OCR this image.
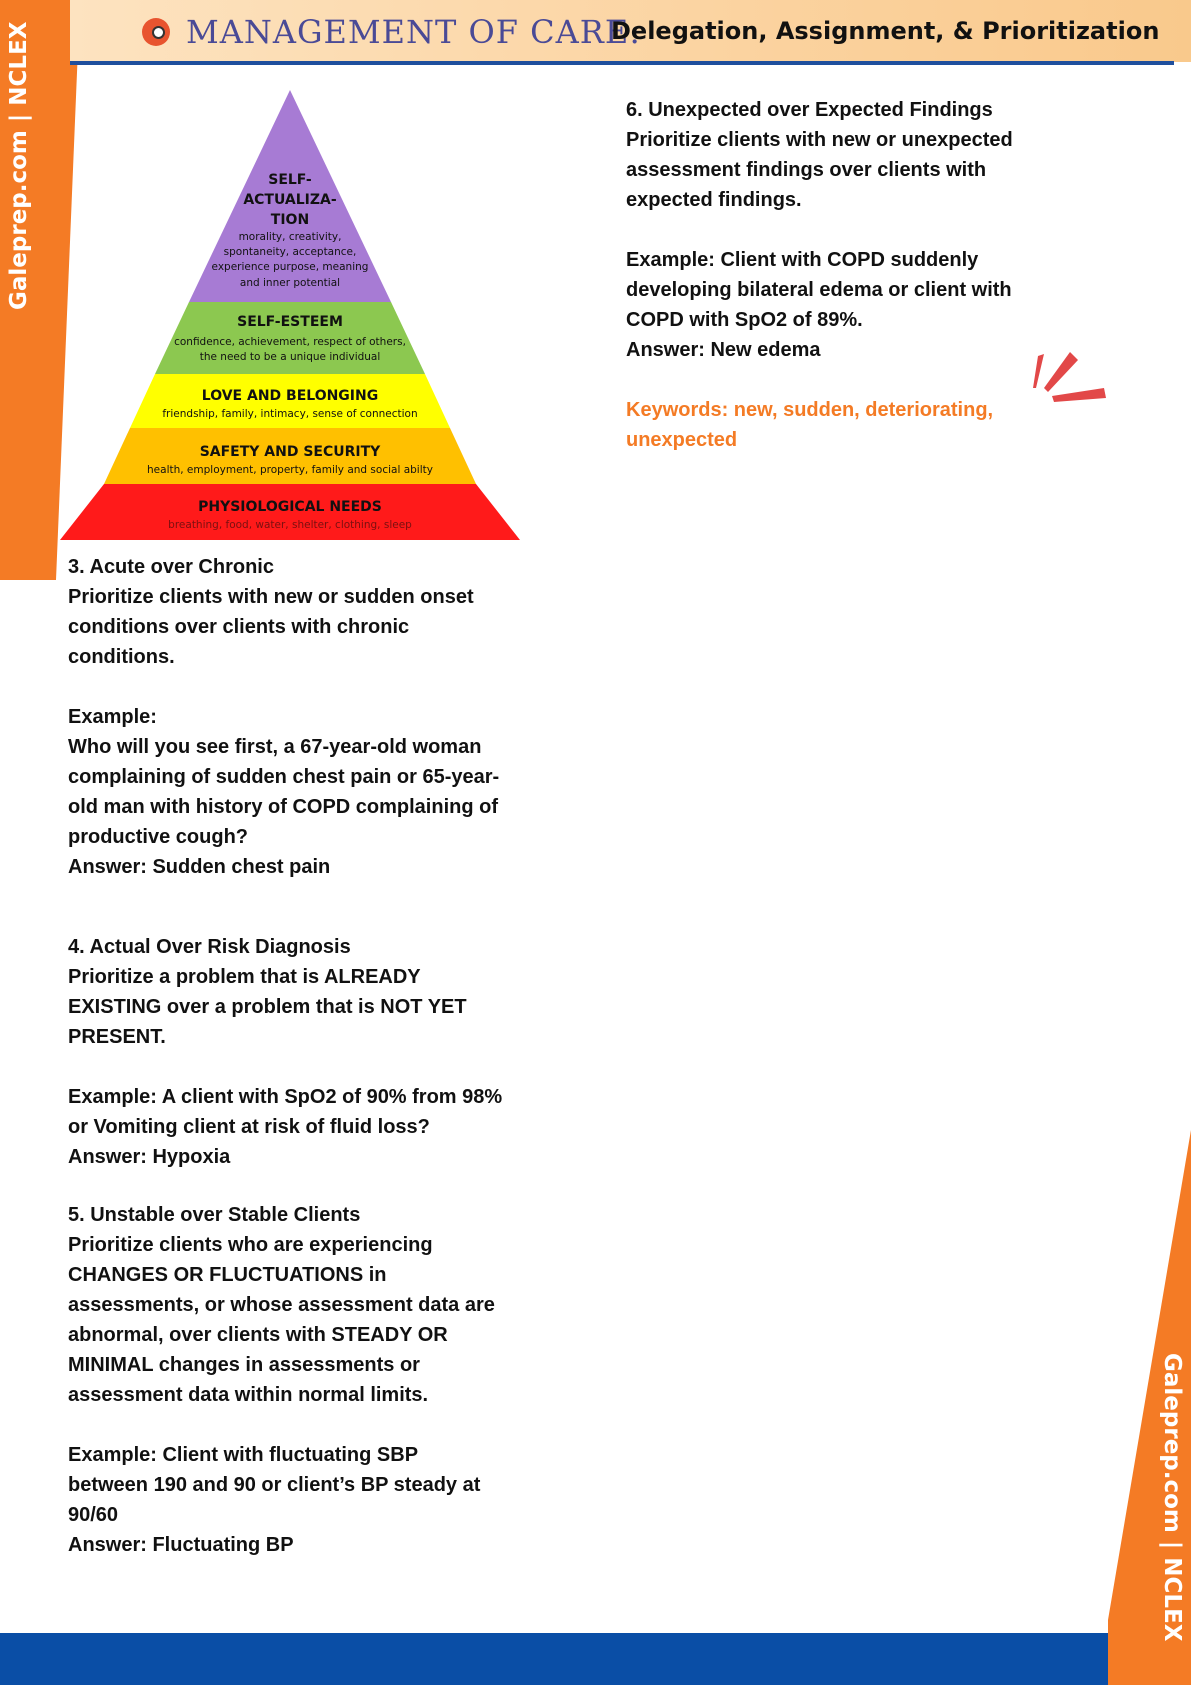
Galeprep.com | NCLEX
Galeprep.com | NCLEX
MANAGEMENT OF CARE:
Delegation, Assignment, & Prioritization
SELF-
ACTUALIZA-
TION
morality, creativity,
spontaneity, acceptance,
experience purpose, meaning
and inner potential
SELF-ESTEEM
confidence, achievement, respect of others,
the need to be a unique individual
LOVE AND BELONGING
friendship, family, intimacy, sense of connection
SAFETY AND SECURITY
health, employment, property, family and social abilty
PHYSIOLOGICAL NEEDS
breathing, food, water, shelter, clothing, sleep

3. Acute over Chronic

Prioritize clients with new or sudden onset

conditions over clients with chronic

conditions.

Example:

Who will you see first, a 67-year-old woman

complaining of sudden chest pain or 65-year-

old man with history of COPD complaining of

productive cough?

Answer: Sudden chest pain

4. Actual Over Risk Diagnosis

Prioritize a problem that is ALREADY

EXISTING over a problem that is NOT YET

PRESENT.

Example: A client with SpO2 of 90% from 98%

or Vomiting client at risk of fluid loss?

Answer: Hypoxia

5. Unstable over Stable Clients

Prioritize clients who are experiencing

CHANGES OR FLUCTUATIONS in

assessments, or whose assessment data are

abnormal, over clients with STEADY OR

MINIMAL changes in assessments or

assessment data within normal limits.

Example: Client with fluctuating SBP

between 190 and 90 or client’s BP steady at

90/60

Answer: Fluctuating BP

6. Unexpected over Expected Findings

Prioritize clients with new or unexpected

assessment findings over clients with

expected findings.

Example: Client with COPD suddenly

developing bilateral edema or client with

COPD with SpO2 of 89%.

Answer: New edema

Keywords: new, sudden, deteriorating,

unexpected
